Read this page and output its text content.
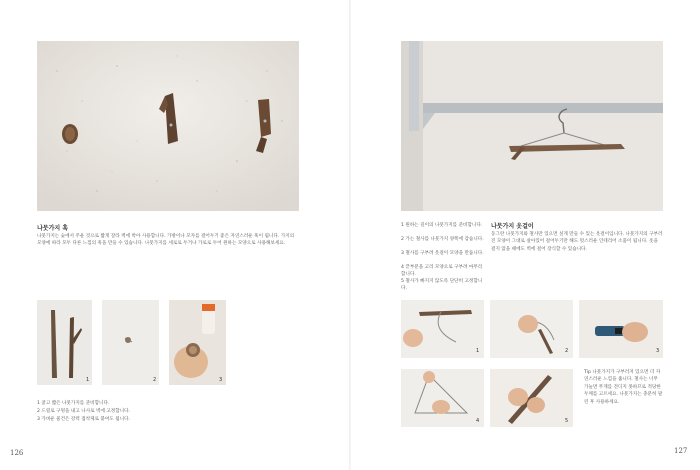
나뭇가지 훅
나뭇가지는 숮에서 주운 것으로 짧게 잘라 벽에 박아 사용합니다. 가방이나 모자를 걸어두기 좋은 자연스러운 훅이 됩니다. 가지의 모양에 따라 모두 다른 느낌의 훅을 만들 수 있습니다. 나뭇가지를 세로로 두거나 가로로 두어 원하는 모양으로 사용해보세요.
1	2	3
1 굵고 짧은 나뭇가지를 준비합니다.
2 드릴로 구멍을 내고 나사로 벽에 고정합니다.
3 가벼운 물건은 강력 접착제로 붙여도 됩니다.
126
1 원하는 길이의 나뭇가지를 준비합니다.
2 가는 철사를 나뭇가지 양쪽에 감습니다.
3 철사를 구부려 옷걸이 모양을 만듭니다.
4 끝부분을 고리 모양으로 구부려 마무리합니다.
5 철사가 빠지지 않도록 단단히 고정합니다.
나뭇가지 옷걸이
동그란 나뭇가지와 철사만 있으면 싶게 만들 수 있는 옷걸이입니다. 나뭇가지의 구부러진 모양이 그대로 살아있어 걸어두기만 해도 멋스러운 인테리어 소품이 됩니다. 옷을 걸지 않을 때에도 벽에 걸어 장식할 수 있습니다.
1	2	3
4	5
Tip 나뭇가지가 구부러져 있으면 더 자연스러운 느낌을 줍니다. 철사는 너무 가늘면 무게를 견디지 못하므로 적당한 두께를 고르세요. 나뭇가지는 충분히 말린 후 사용하세요.
127
